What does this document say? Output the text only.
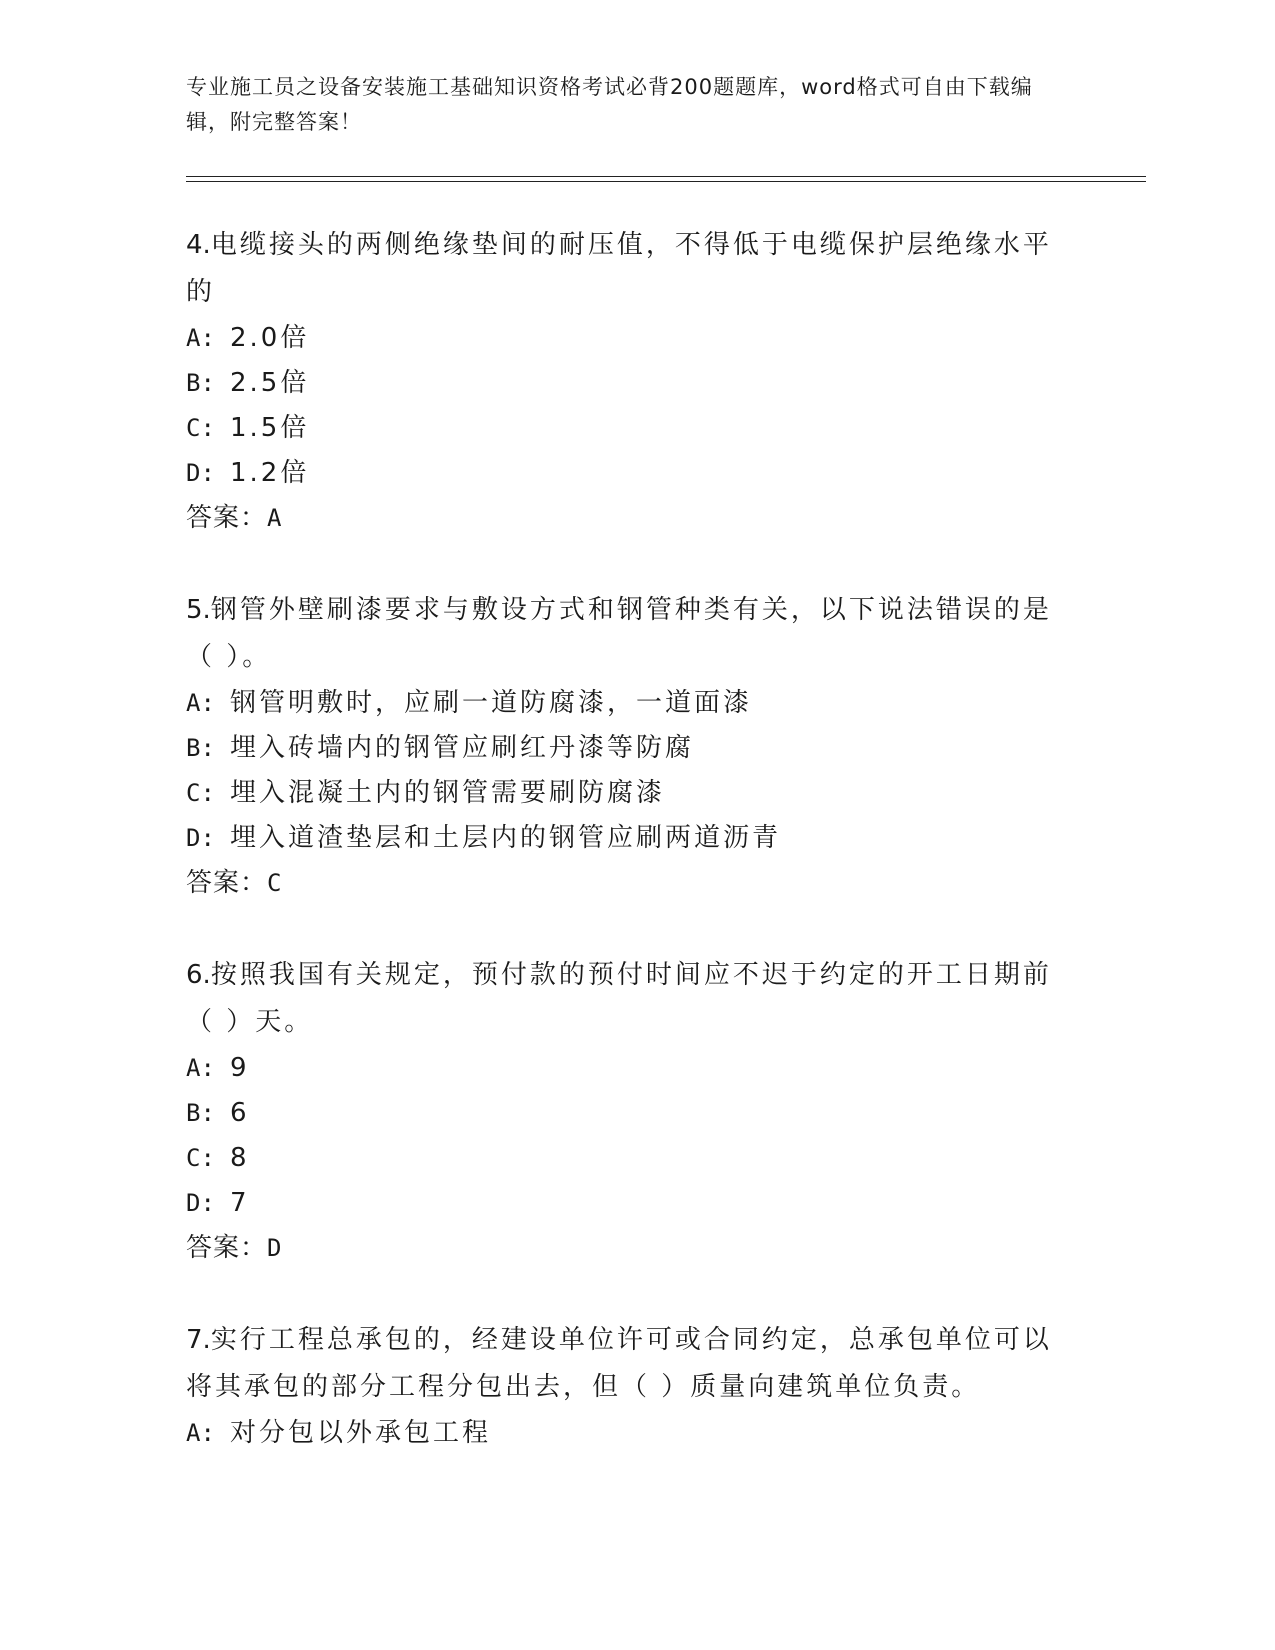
专业施工员之设备安装施工基础知识资格考试必背200题题库，word格式可自由下载编辑，附完整答案！

4.电缆接头的两侧绝缘垫间的耐压值，不得低于电缆保护层绝缘水平的

A: 2.0倍

B: 2.5倍

C: 1.5倍

D: 1.2倍

答案：A

5.钢管外壁刷漆要求与敷设方式和钢管种类有关，以下说法错误的是（ ）。

A: 钢管明敷时，应刷一道防腐漆，一道面漆

B: 埋入砖墙内的钢管应刷红丹漆等防腐

C: 埋入混凝土内的钢管需要刷防腐漆

D: 埋入道渣垫层和土层内的钢管应刷两道沥青

答案：C

6.按照我国有关规定，预付款的预付时间应不迟于约定的开工日期前（ ）天。

A: 9

B: 6

C: 8

D: 7

答案：D

7.实行工程总承包的，经建设单位许可或合同约定，总承包单位可以将其承包的部分工程分包出去，但（ ）质量向建筑单位负责。

A: 对分包以外承包工程
